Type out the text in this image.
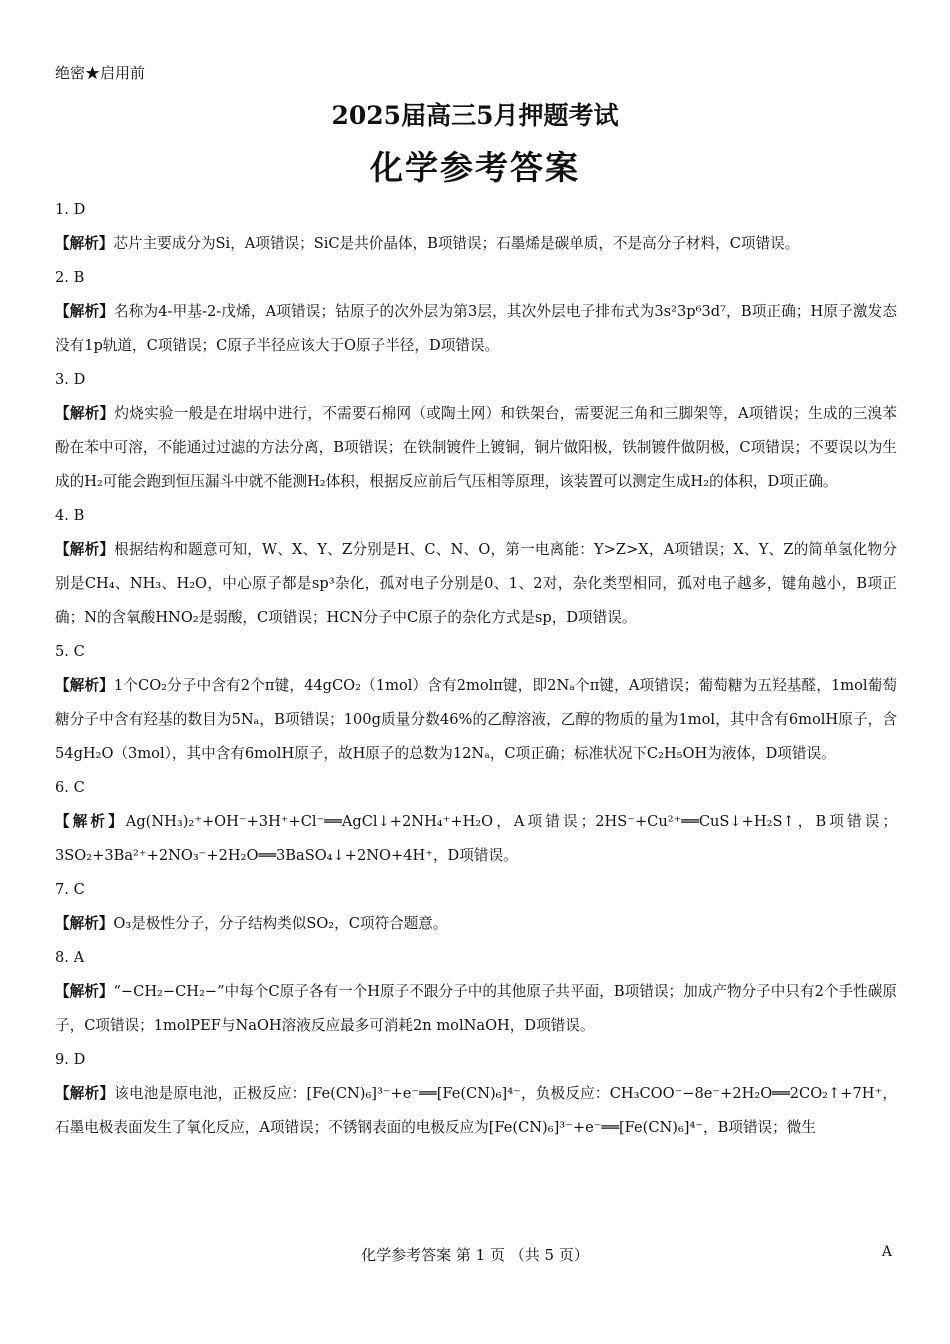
绝密★启用前
2025届高三5月押题考试
化学参考答案
1. D
【解析】芯片主要成分为Si，A项错误；SiC是共价晶体，B项错误；石墨烯是碳单质，不是高分子材料，C项错误。
2. B
【解析】名称为4-甲基-2-戊烯，A项错误；钴原子的次外层为第3层，其次外层电子排布式为3s²3p⁶3d⁷，B项正确；H原子激发态没有1p轨道，C项错误；C原子半径应该大于O原子半径，D项错误。
3. D
【解析】灼烧实验一般是在坩埚中进行，不需要石棉网（或陶土网）和铁架台，需要泥三角和三脚架等，A项错误；生成的三溴苯酚在苯中可溶，不能通过过滤的方法分离，B项错误；在铁制镀件上镀铜，铜片做阳极，铁制镀件做阴极，C项错误；不要误以为生成的H₂可能会跑到恒压漏斗中就不能测H₂体积，根据反应前后气压相等原理，该装置可以测定生成H₂的体积，D项正确。
4. B
【解析】根据结构和题意可知，W、X、Y、Z分别是H、C、N、O，第一电离能：Y>Z>X，A项错误；X、Y、Z的简单氢化物分别是CH₄、NH₃、H₂O，中心原子都是sp³杂化，孤对电子分别是0、1、2对，杂化类型相同，孤对电子越多，键角越小，B项正确；N的含氧酸HNO₂是弱酸，C项错误；HCN分子中C原子的杂化方式是sp，D项错误。
5. C
【解析】1个CO₂分子中含有2个π键，44gCO₂（1mol）含有2molπ键，即2Nₐ个π键，A项错误；葡萄糖为五羟基醛，1mol葡萄糖分子中含有羟基的数目为5Nₐ，B项错误；100g质量分数46%的乙醇溶液，乙醇的物质的量为1mol，其中含有6molH原子，含54gH₂O（3mol），其中含有6molH原子，故H原子的总数为12Nₐ，C项正确；标准状况下C₂H₅OH为液体，D项错误。
6. C
【解析】Ag(NH₃)₂⁺+OH⁻+3H⁺+Cl⁻══AgCl↓+2NH₄⁺+H₂O，A项错误；2HS⁻+Cu²⁺══CuS↓+H₂S↑，B项错误；3SO₂+3Ba²⁺+2NO₃⁻+2H₂O══3BaSO₄↓+2NO+4H⁺，D项错误。
7. C
【解析】O₃是极性分子，分子结构类似SO₂，C项符合题意。
8. A
【解析】“−CH₂−CH₂−”中每个C原子各有一个H原子不跟分子中的其他原子共平面，B项错误；加成产物分子中只有2个手性碳原子，C项错误；1molPEF与NaOH溶液反应最多可消耗2n molNaOH，D项错误。
9. D
【解析】该电池是原电池，正极反应：[Fe(CN)₆]³⁻+e⁻══[Fe(CN)₆]⁴⁻，负极反应：CH₃COO⁻−8e⁻+2H₂O══2CO₂↑+7H⁺，石墨电极表面发生了氧化反应，A项错误；不锈钢表面的电极反应为[Fe(CN)₆]³⁻+e⁻══[Fe(CN)₆]⁴⁻，B项错误；微生
化学参考答案 第 1 页 （共 5 页）	A
